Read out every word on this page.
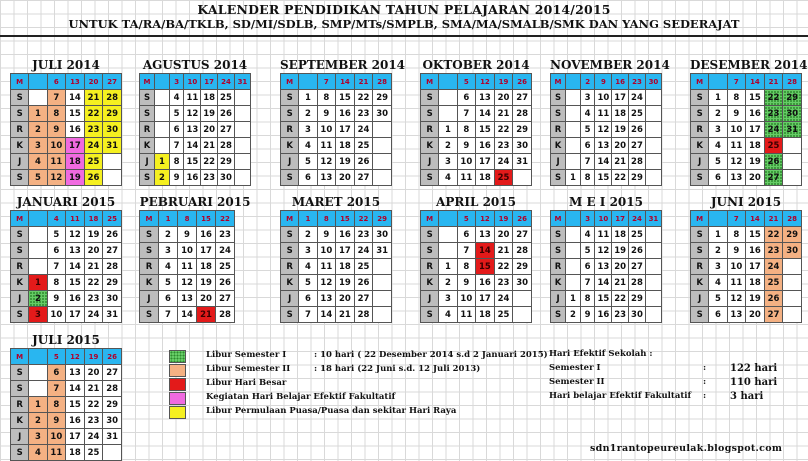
KALENDER PENDIDIKAN TAHUN PELAJARAN 2014/2015
UNTUK TA/RA/BA/TKLB, SD/MI/SDLB, SMP/MTs/SMPLB, SMA/MA/SMALB/SMK DAN YANG SEDERAJAT
JULI 2014
M		6	13	20	27
S		7	14	21	28
S	1	8	15	22	29
R	2	9	16	23	30
K	3	10	17	24	31
J	4	11	18	25	
S	5	12	19	26	
AGUSTUS 2014
M		3	10	17	24	31
S		4	11	18	25	
S		5	12	19	26	
R		6	13	20	27	
K		7	14	21	28	
J	1	8	15	22	29	
S	2	9	16	23	30	
SEPTEMBER 2014
M		7	14	21	28
S	1	8	15	22	29
S	2	9	16	23	30
R	3	10	17	24	
K	4	11	18	25	
J	5	12	19	26	
S	6	13	20	27	
OKTOBER 2014
M		5	12	19	26
S		6	13	20	27
S		7	14	21	28
R	1	8	15	22	29
K	2	9	16	23	30
J	3	10	17	24	31
S	4	11	18	25	
NOVEMBER 2014
M		2	9	16	23	30
S		3	10	17	24	
S		4	11	18	25	
R		5	12	19	26	
K		6	13	20	27	
J		7	14	21	28	
S	1	8	15	22	29	
DESEMBER 2014
M		7	14	21	28
S	1	8	15	22	29
S	2	9	16	23	30
R	3	10	17	24	31
K	4	11	18	25	
J	5	12	19	26	
S	6	13	20	27	
JANUARI 2015
M		4	11	18	25
S		5	12	19	26
S		6	13	20	27
R		7	14	21	28
K	1	8	15	22	29
J	2	9	16	23	30
S	3	10	17	24	31
PEBRUARI 2015
M	1	8	15	22
S	2	9	16	23
S	3	10	17	24
R	4	11	18	25
K	5	12	19	26
J	6	13	20	27
S	7	14	21	28
MARET 2015
M	1	8	15	22	29
S	2	9	16	23	30
S	3	10	17	24	31
R	4	11	18	25	
K	5	12	19	26	
J	6	13	20	27	
S	7	14	21	28	
APRIL 2015
M		5	12	19	26
S		6	13	20	27
S		7	14	21	28
R	1	8	15	22	29
K	2	9	16	23	30
J	3	10	17	24	
S	4	11	18	25	
M E I 2015
M		3	10	17	24	31
S		4	11	18	25	
S		5	12	19	26	
R		6	13	20	27	
K		7	14	21	28	
J	1	8	15	22	29	
S	2	9	16	23	30	
JUNI 2015
M		7	14	21	28
S	1	8	15	22	29
S	2	9	16	23	30
R	3	10	17	24	
K	4	11	18	25	
J	5	12	19	26	
S	6	13	20	27	
JULI 2015
M		5	12	19	26
S		6	13	20	27
S		7	14	21	28
R	1	8	15	22	29
K	2	9	16	23	30
J	3	10	17	24	31
S	4	11	18	25	
Libur Semester I	: 10 hari ( 22 Desember 2014 s.d 2 Januari 2015)
Libur Semester II	: 18 hari (22 Juni s.d. 12 Juli 2013)
Libur Hari Besar
Kegiatan Hari Belajar Efektif Fakultatif
Libur Permulaan Puasa/Puasa dan sekitar Hari Raya
Hari Efektif Sekolah :
Semester I	: 122 hari
Semester II	: 110 hari
Hari belajar Efektif Fakultatif : 3 hari
sdn1rantopeureulak.blogspot.com
